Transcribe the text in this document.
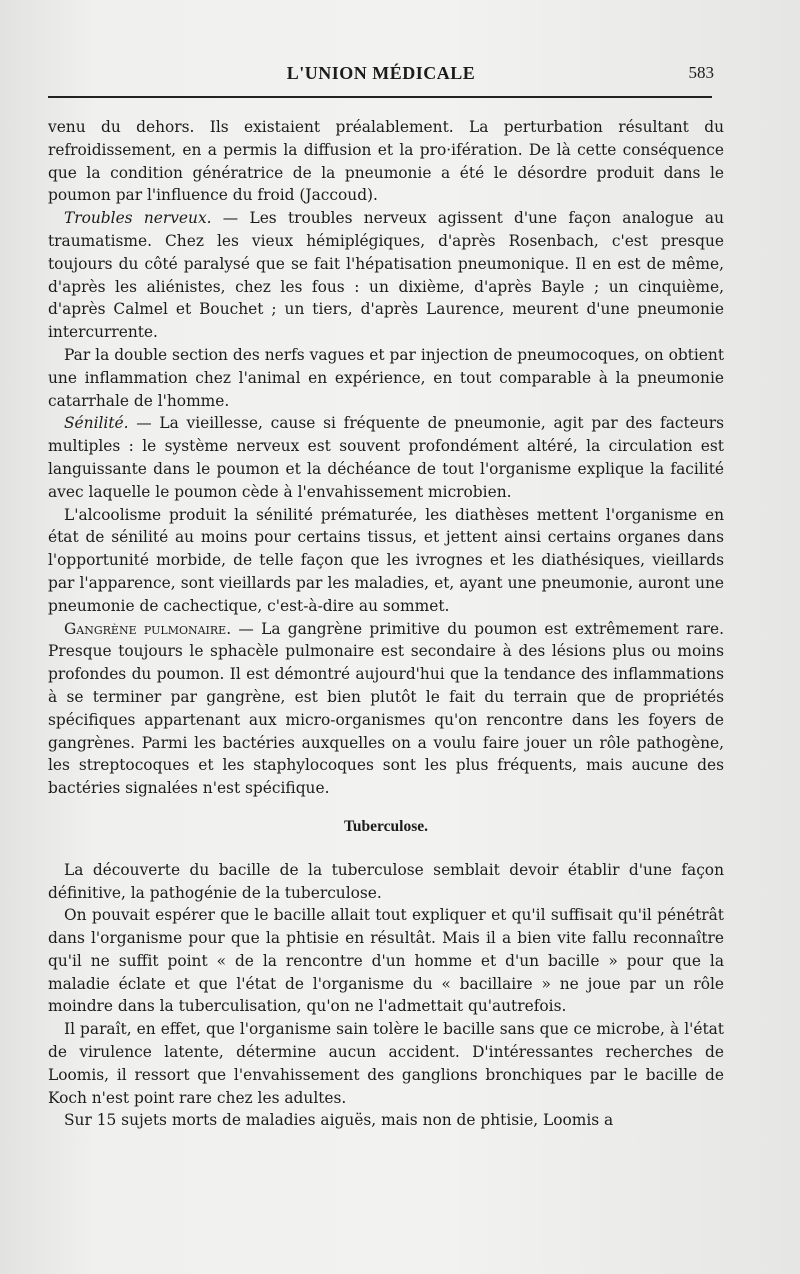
L'UNION MÉDICALE	583

venu du dehors. Ils existaient préalablement. La perturbation résultant du refroidissement, en a permis la diffusion et la pro·ifération. De là cette conséquence que la condition génératrice de la pneumonie a été le désordre produit dans le poumon par l'influence du froid (Jaccoud).

Troubles nerveux. — Les troubles nerveux agissent d'une façon analogue au traumatisme. Chez les vieux hémiplégiques, d'après Rosenbach, c'est presque toujours du côté paralysé que se fait l'hépatisation pneumonique. Il en est de même, d'après les aliénistes, chez les fous : un dixième, d'après Bayle ; un cinquième, d'après Calmel et Bouchet ; un tiers, d'après Laurence, meurent d'une pneumonie intercurrente.

Par la double section des nerfs vagues et par injection de pneumocoques, on obtient une inflammation chez l'animal en expérience, en tout comparable à la pneumonie catarrhale de l'homme.

Sénilité. — La vieillesse, cause si fréquente de pneumonie, agit par des facteurs multiples : le système nerveux est souvent profondément altéré, la circulation est languissante dans le poumon et la déchéance de tout l'organisme explique la facilité avec laquelle le poumon cède à l'envahissement microbien.

L'alcoolisme produit la sénilité prématurée, les diathèses mettent l'organisme en état de sénilité au moins pour certains tissus, et jettent ainsi certains organes dans l'opportunité morbide, de telle façon que les ivrognes et les diathésiques, vieillards par l'apparence, sont vieillards par les maladies, et, ayant une pneumonie, auront une pneumonie de cachectique, c'est-à-dire au sommet.

Gangrène pulmonaire. — La gangrène primitive du poumon est extrêmement rare. Presque toujours le sphacèle pulmonaire est secondaire à des lésions plus ou moins profondes du poumon. Il est démontré aujourd'hui que la tendance des inflammations à se terminer par gangrène, est bien plutôt le fait du terrain que de propriétés spécifiques appartenant aux micro-organismes qu'on rencontre dans les foyers de gangrènes. Parmi les bactéries auxquelles on a voulu faire jouer un rôle pathogène, les streptocoques et les staphylocoques sont les plus fréquents, mais aucune des bactéries signalées n'est spécifique.

Tuberculose.

La découverte du bacille de la tuberculose semblait devoir établir d'une façon définitive, la pathogénie de la tuberculose.

On pouvait espérer que le bacille allait tout expliquer et qu'il suffisait qu'il pénétrât dans l'organisme pour que la phtisie en résultât. Mais il a bien vite fallu reconnaître qu'il ne suffit point « de la rencontre d'un homme et d'un bacille » pour que la maladie éclate et que l'état de l'organisme du « bacillaire » ne joue par un rôle moindre dans la tuberculisation, qu'on ne l'admettait qu'autrefois.

Il paraît, en effet, que l'organisme sain tolère le bacille sans que ce microbe, à l'état de virulence latente, détermine aucun accident. D'intéressantes recherches de Loomis, il ressort que l'envahissement des ganglions bronchiques par le bacille de Koch n'est point rare chez les adultes.

Sur 15 sujets morts de maladies aiguës, mais non de phtisie, Loomis a
